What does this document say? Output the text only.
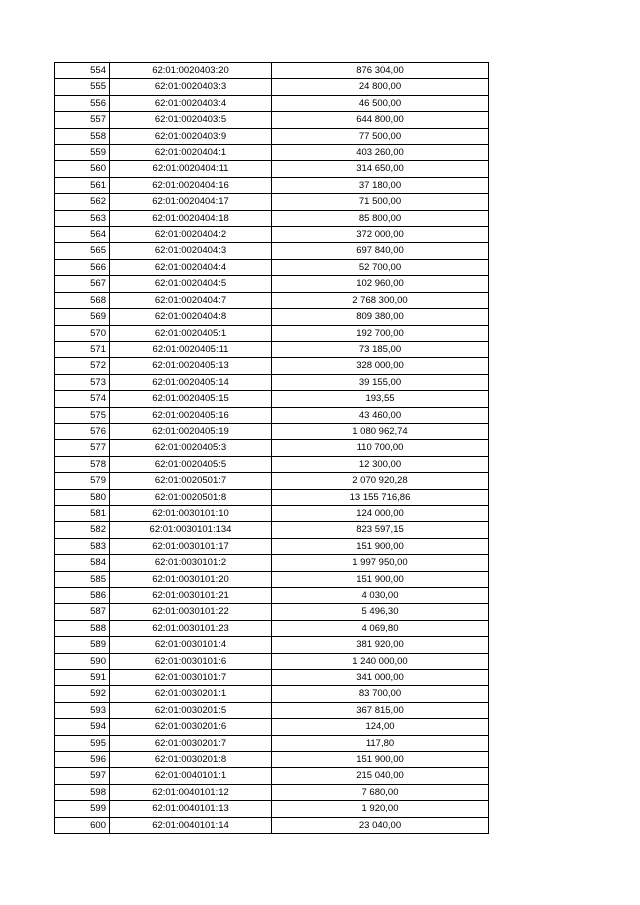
554	62:01:0020403:20	876 304,00
555	62:01:0020403:3	24 800,00
556	62:01:0020403:4	46 500,00
557	62:01:0020403:5	644 800,00
558	62:01:0020403:9	77 500,00
559	62:01:0020404:1	403 260,00
560	62:01:0020404:11	314 650,00
561	62:01:0020404:16	37 180,00
562	62:01:0020404:17	71 500,00
563	62:01:0020404:18	85 800,00
564	62:01:0020404:2	372 000,00
565	62:01:0020404:3	697 840,00
566	62:01:0020404:4	52 700,00
567	62:01:0020404:5	102 960,00
568	62:01:0020404:7	2 768 300,00
569	62:01:0020404:8	809 380,00
570	62:01:0020405:1	192 700,00
571	62:01:0020405:11	73 185,00
572	62:01:0020405:13	328 000,00
573	62:01:0020405:14	39 155,00
574	62:01:0020405:15	193,55
575	62:01:0020405:16	43 460,00
576	62:01:0020405:19	1 080 962,74
577	62:01:0020405:3	110 700,00
578	62:01:0020405:5	12 300,00
579	62:01:0020501:7	2 070 920,28
580	62:01:0020501:8	13 155 716,86
581	62:01:0030101:10	124 000,00
582	62:01:0030101:134	823 597,15
583	62:01:0030101:17	151 900,00
584	62:01:0030101:2	1 997 950,00
585	62:01:0030101:20	151 900,00
586	62:01:0030101:21	4 030,00
587	62:01:0030101:22	5 496,30
588	62:01:0030101:23	4 069,80
589	62:01:0030101:4	381 920,00
590	62:01:0030101:6	1 240 000,00
591	62:01:0030101:7	341 000,00
592	62:01:0030201:1	83 700,00
593	62:01:0030201:5	367 815,00
594	62:01:0030201:6	124,00
595	62:01:0030201:7	117,80
596	62:01:0030201:8	151 900,00
597	62:01:0040101:1	215 040,00
598	62:01:0040101:12	7 680,00
599	62:01:0040101:13	1 920,00
600	62:01:0040101:14	23 040,00
